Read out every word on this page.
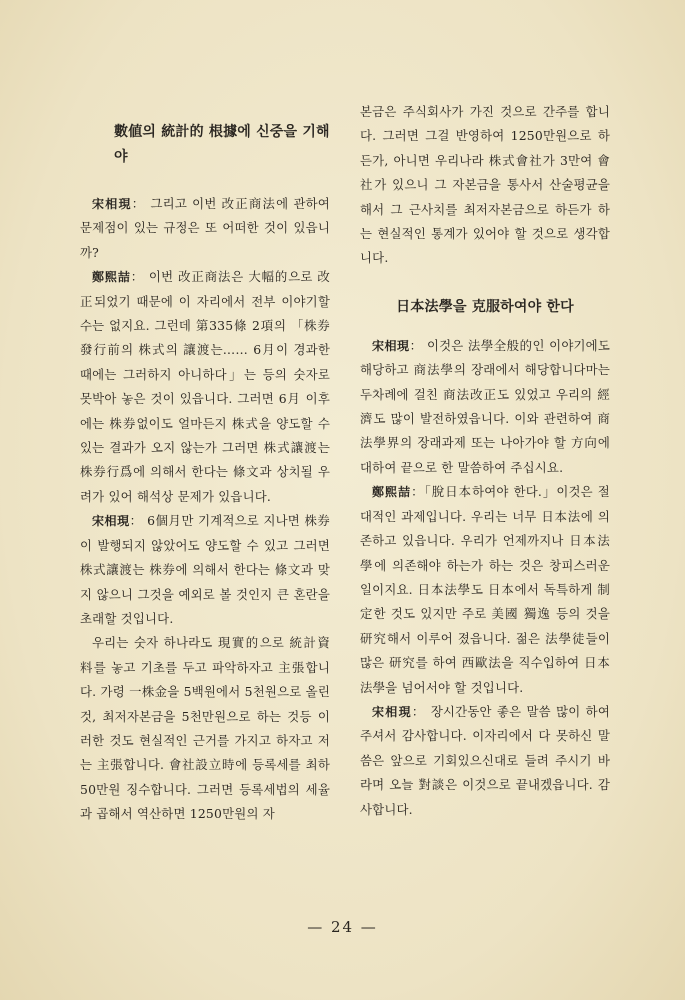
數値의 統計的 根據에 신중을 기해야

宋相現： 그리고 이번 改正商法에 관하여 문제점이 있는 규정은 또 어떠한 것이 있읍니까?

鄭熙喆： 이번 改正商法은 大幅的으로 改正되었기 때문에 이 자리에서 전부 이야기할 수는 없지요. 그런데 第335條 2項의 「株券發行前의 株式의 讓渡는…… 6月이 경과한 때에는 그러하지 아니하다」는 등의 숫자로 못박아 놓은 것이 있읍니다. 그러면 6月 이후에는 株券없이도 얼마든지 株式을 양도할 수 있는 결과가 오지 않는가 그러면 株式讓渡는 株券行爲에 의해서 한다는 條文과 상치될 우려가 있어 해석상 문제가 있읍니다.

宋相現： 6個月만 기계적으로 지나면 株券이 발행되지 않았어도 양도할 수 있고 그러면 株式讓渡는 株券에 의해서 한다는 條文과 맞지 않으니 그것을 예외로 볼 것인지 큰 혼란을 초래할 것입니다.

우리는 숫자 하나라도 現實的으로 統計資料를 놓고 기초를 두고 파악하자고 主張합니다. 가령 一株金을 5백원에서 5천원으로 올린 것, 최저자본금을 5천만원으로 하는 것등 이러한 것도 현실적인 근거를 가지고 하자고 저는 主張합니다. 會社設立時에 등록세를 최하 50만원 징수합니다. 그러면 등록세법의 세율과 곱해서 역산하면 1250만원의 자

본금은 주식회사가 가진 것으로 간주를 합니다. 그러면 그걸 반영하여 1250만원으로 하든가, 아니면 우리나라 株式會社가 3만여 會社가 있으니 그 자본금을 통사서 산술평균을 해서 그 근사치를 최저자본금으로 하든가 하는 현실적인 통계가 있어야 할 것으로 생각합니다.

日本法學을 克服하여야 한다

宋相現： 이것은 法學全般的인 이야기에도 해당하고 商法學의 장래에서 해당합니다마는 두차례에 걸친 商法改正도 있었고 우리의 經濟도 많이 발전하였읍니다. 이와 관련하여 商法學界의 장래과제 또는 나아가야 할 方向에 대하여 끝으로 한 말씀하여 주십시요.

鄭熙喆：「脫日本하여야 한다.」이것은 절대적인 과제입니다. 우리는 너무 日本法에 의존하고 있읍니다. 우리가 언제까지나 日本法學에 의존해야 하는가 하는 것은 창피스러운 일이지요. 日本法學도 日本에서 독특하게 制定한 것도 있지만 주로 美國 獨逸 등의 것을 研究해서 이루어 졌읍니다. 젊은 法學徒들이 많은 研究를 하여 西歐法을 직수입하여 日本法學을 넘어서야 할 것입니다.

宋相現： 장시간동안 좋은 말씀 많이 하여 주셔서 감사합니다. 이자리에서 다 못하신 말씀은 앞으로 기회있으신대로 들려 주시기 바라며 오늘 對談은 이것으로 끝내겠읍니다. 감사합니다.

— 24 —
